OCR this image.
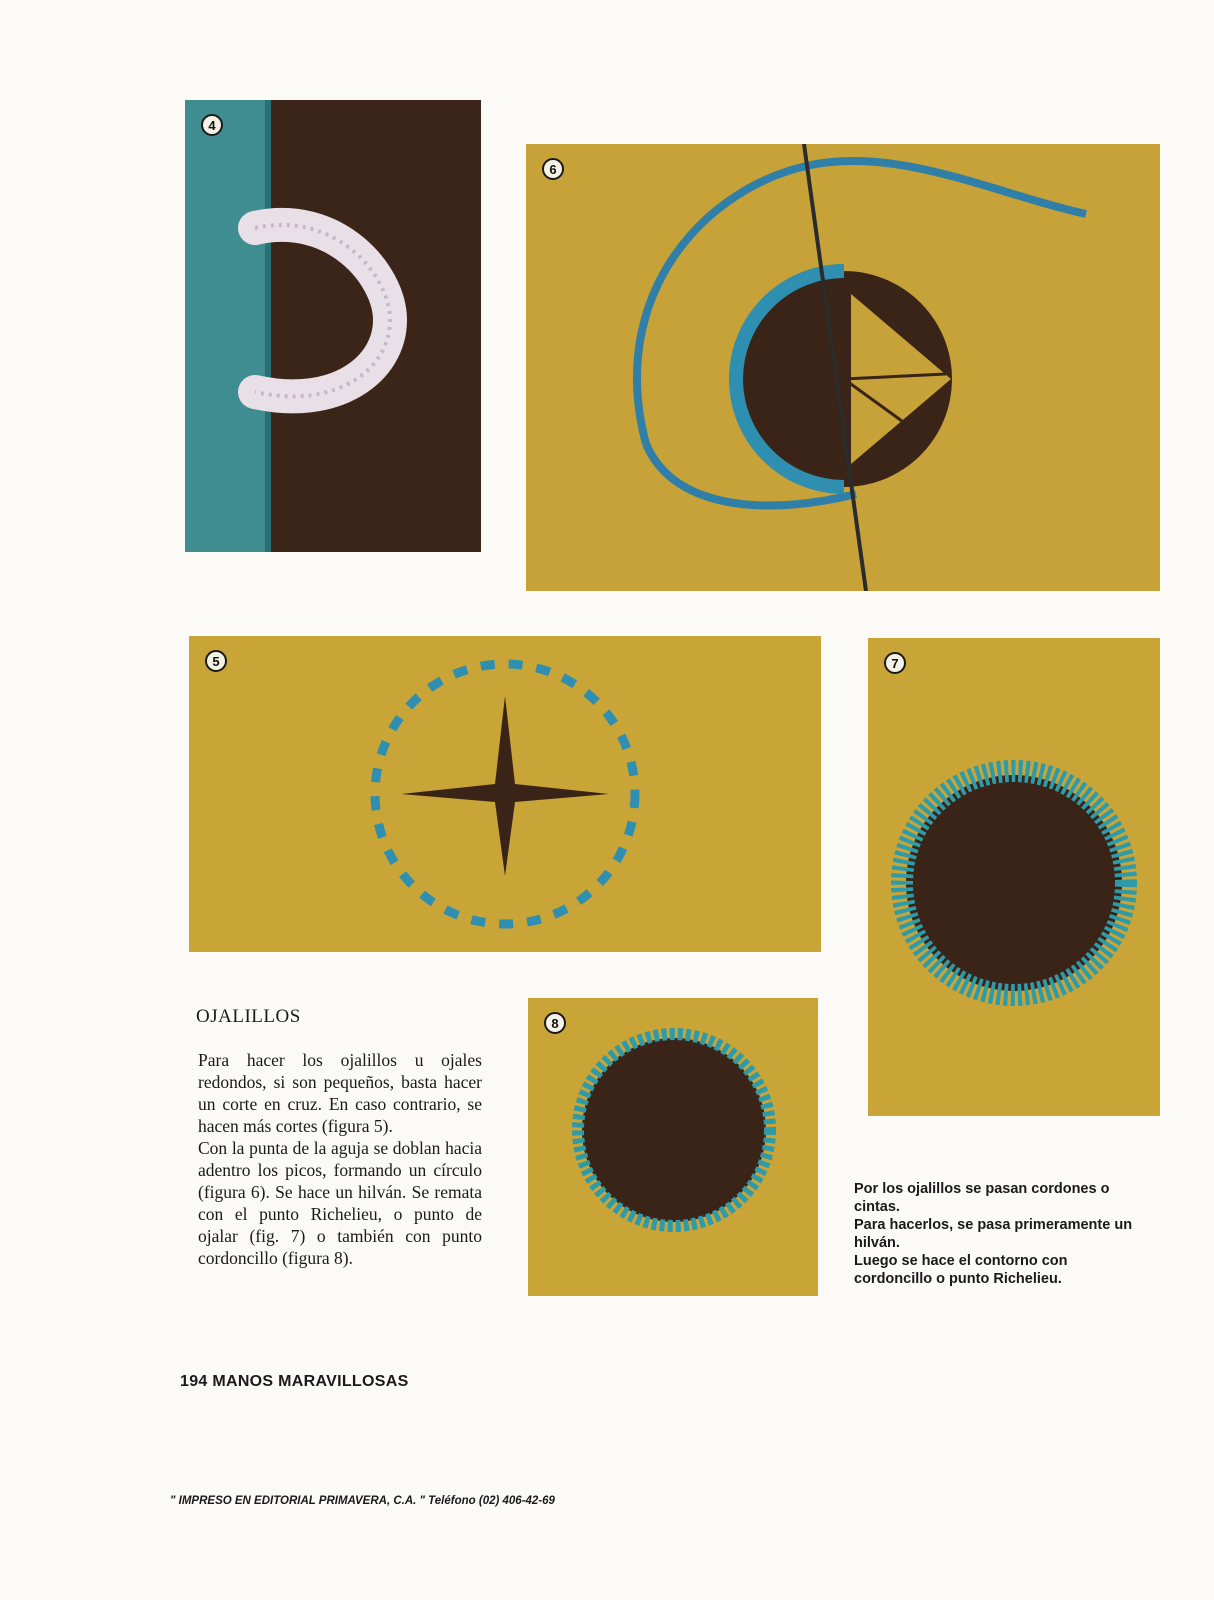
4
6
5	7
8
OJALILLOS

Para hacer los ojalillos u ojales redondos, si son pequeños, basta hacer un corte en cruz. En caso contrario, se hacen más cortes (figura 5).

Con la punta de la aguja se doblan hacia adentro los picos, formando un círculo (figura 6). Se hace un hilván. Se remata con el punto Richelieu, o punto de ojalar (fig. 7) o también con punto cordoncillo (figura 8).

Por los ojalillos se pasan cordones o cintas.

Para hacerlos, se pasa primeramente un hilván.

Luego se hace el contorno con cordoncillo o punto Richelieu.

194 MANOS MARAVILLOSAS
" IMPRESO EN EDITORIAL PRIMAVERA, C.A. " Teléfono (02) 406-42-69
